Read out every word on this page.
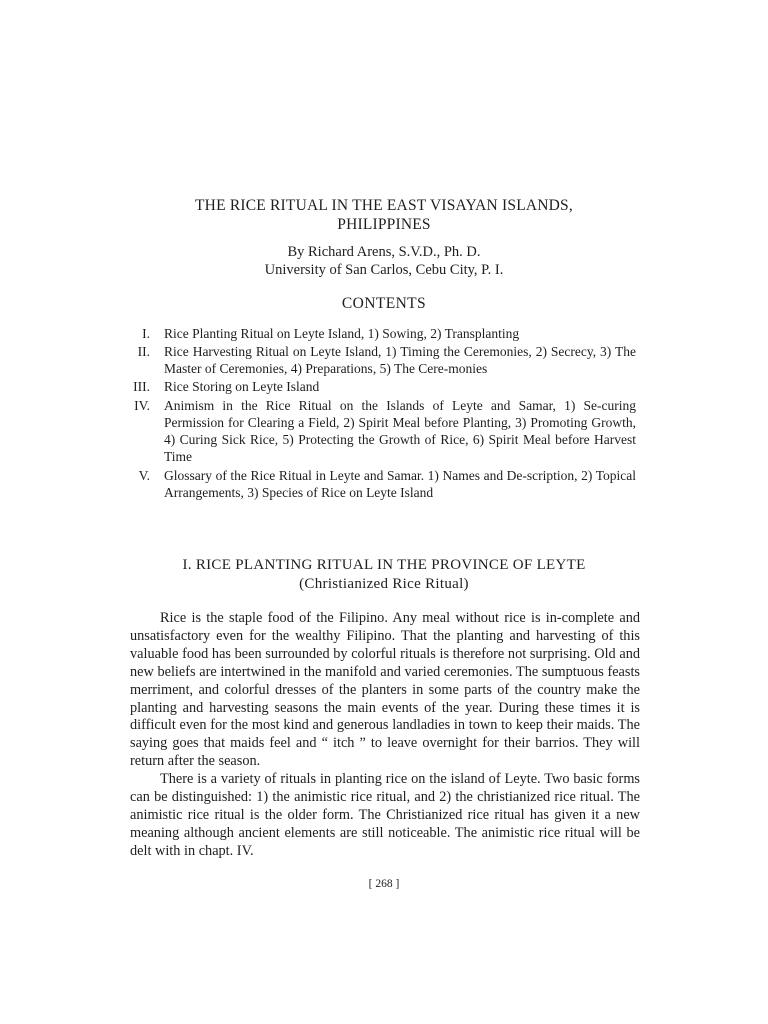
THE RICE RITUAL IN THE EAST VISAYAN ISLANDS,
PHILIPPINES
By Richard Arens, S.V.D., Ph. D.
University of San Carlos, Cebu City, P. I.
CONTENTS
I. Rice Planting Ritual on Leyte Island, 1) Sowing, 2) Transplanting
II. Rice Harvesting Ritual on Leyte Island, 1) Timing the Ceremonies, 2) Secrecy, 3) The Master of Ceremonies, 4) Preparations, 5) The Cere-monies
III. Rice Storing on Leyte Island
IV. Animism in the Rice Ritual on the Islands of Leyte and Samar, 1) Se-curing Permission for Clearing a Field, 2) Spirit Meal before Planting, 3) Promoting Growth, 4) Curing Sick Rice, 5) Protecting the Growth of Rice, 6) Spirit Meal before Harvest Time
V. Glossary of the Rice Ritual in Leyte and Samar. 1) Names and De-scription, 2) Topical Arrangements, 3) Species of Rice on Leyte Island
I. RICE PLANTING RITUAL IN THE PROVINCE OF LEYTE
(Christianized Rice Ritual)

Rice is the staple food of the Filipino. Any meal without rice is in-complete and unsatisfactory even for the wealthy Filipino. That the planting and harvesting of this valuable food has been surrounded by colorful rituals is therefore not surprising. Old and new beliefs are intertwined in the manifold and varied ceremonies. The sumptuous feasts merriment, and colorful dresses of the planters in some parts of the country make the planting and harvesting seasons the main events of the year. During these times it is difficult even for the most kind and generous landladies in town to keep their maids. The saying goes that maids feel and “ itch ” to leave overnight for their barrios. They will return after the season.

There is a variety of rituals in planting rice on the island of Leyte. Two basic forms can be distinguished: 1) the animistic rice ritual, and 2) the christianized rice ritual. The animistic rice ritual is the older form. The Christianized rice ritual has given it a new meaning although ancient elements are still noticeable. The animistic rice ritual will be delt with in chapt. IV.

[ 268 ]
